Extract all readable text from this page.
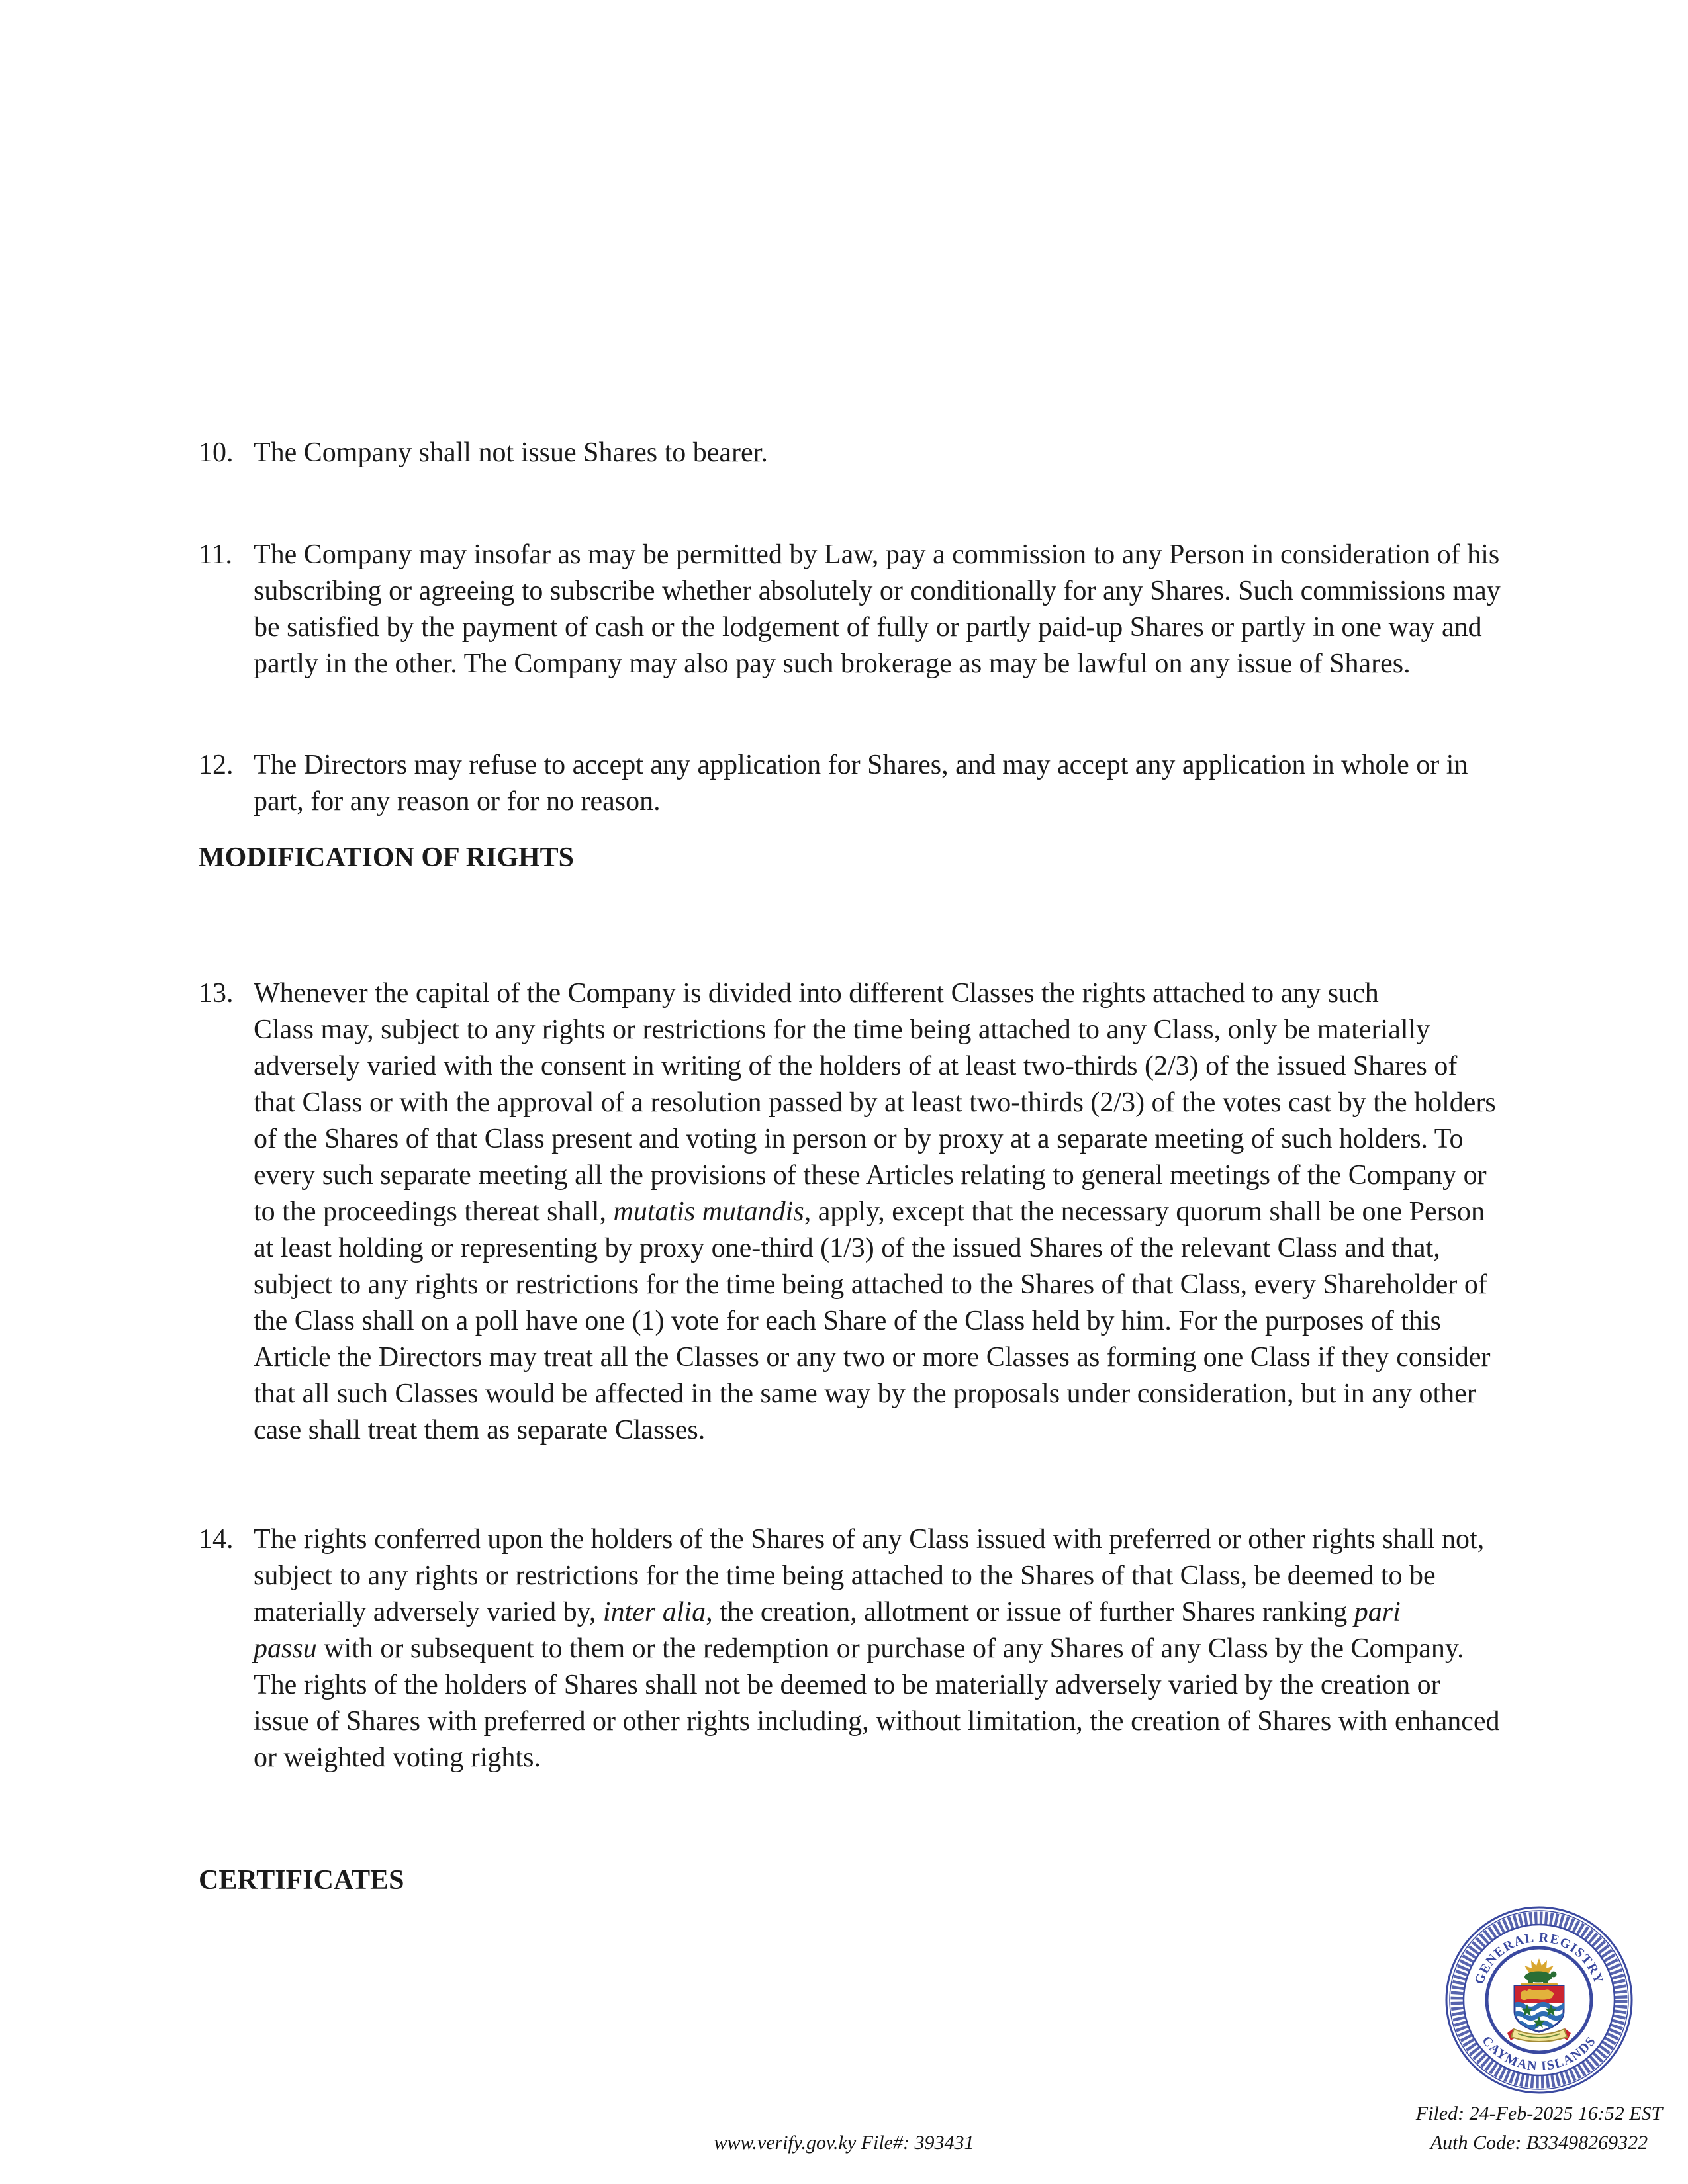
10. The Company shall not issue Shares to bearer.
11. The Company may insofar as may be permitted by Law, pay a commission to any Person in consideration of his
subscribing or agreeing to subscribe whether absolutely or conditionally for any Shares. Such commissions may
be satisfied by the payment of cash or the lodgement of fully or partly paid-up Shares or partly in one way and
partly in the other. The Company may also pay such brokerage as may be lawful on any issue of Shares.
12. The Directors may refuse to accept any application for Shares, and may accept any application in whole or in
part, for any reason or for no reason.
MODIFICATION OF RIGHTS
13. Whenever the capital of the Company is divided into different Classes the rights attached to any such
Class may, subject to any rights or restrictions for the time being attached to any Class, only be materially
adversely varied with the consent in writing of the holders of at least two-thirds (2/3) of the issued Shares of
that Class or with the approval of a resolution passed by at least two-thirds (2/3) of the votes cast by the holders
of the Shares of that Class present and voting in person or by proxy at a separate meeting of such holders. To
every such separate meeting all the provisions of these Articles relating to general meetings of the Company or
to the proceedings thereat shall, mutatis mutandis, apply, except that the necessary quorum shall be one Person
at least holding or representing by proxy one-third (1/3) of the issued Shares of the relevant Class and that,
subject to any rights or restrictions for the time being attached to the Shares of that Class, every Shareholder of
the Class shall on a poll have one (1) vote for each Share of the Class held by him. For the purposes of this
Article the Directors may treat all the Classes or any two or more Classes as forming one Class if they consider
that all such Classes would be affected in the same way by the proposals under consideration, but in any other
case shall treat them as separate Classes.
14. The rights conferred upon the holders of the Shares of any Class issued with preferred or other rights shall not,
subject to any rights or restrictions for the time being attached to the Shares of that Class, be deemed to be
materially adversely varied by, inter alia, the creation, allotment or issue of further Shares ranking pari
passu with or subsequent to them or the redemption or purchase of any Shares of any Class by the Company.
The rights of the holders of Shares shall not be deemed to be materially adversely varied by the creation or
issue of Shares with preferred or other rights including, without limitation, the creation of Shares with enhanced
or weighted voting rights.
CERTIFICATES
GENERAL REGISTRY
CAYMAN ISLANDS
Filed: 24-Feb-2025 16:52 EST
Auth Code: B33498269322
www.verify.gov.ky File#: 393431
